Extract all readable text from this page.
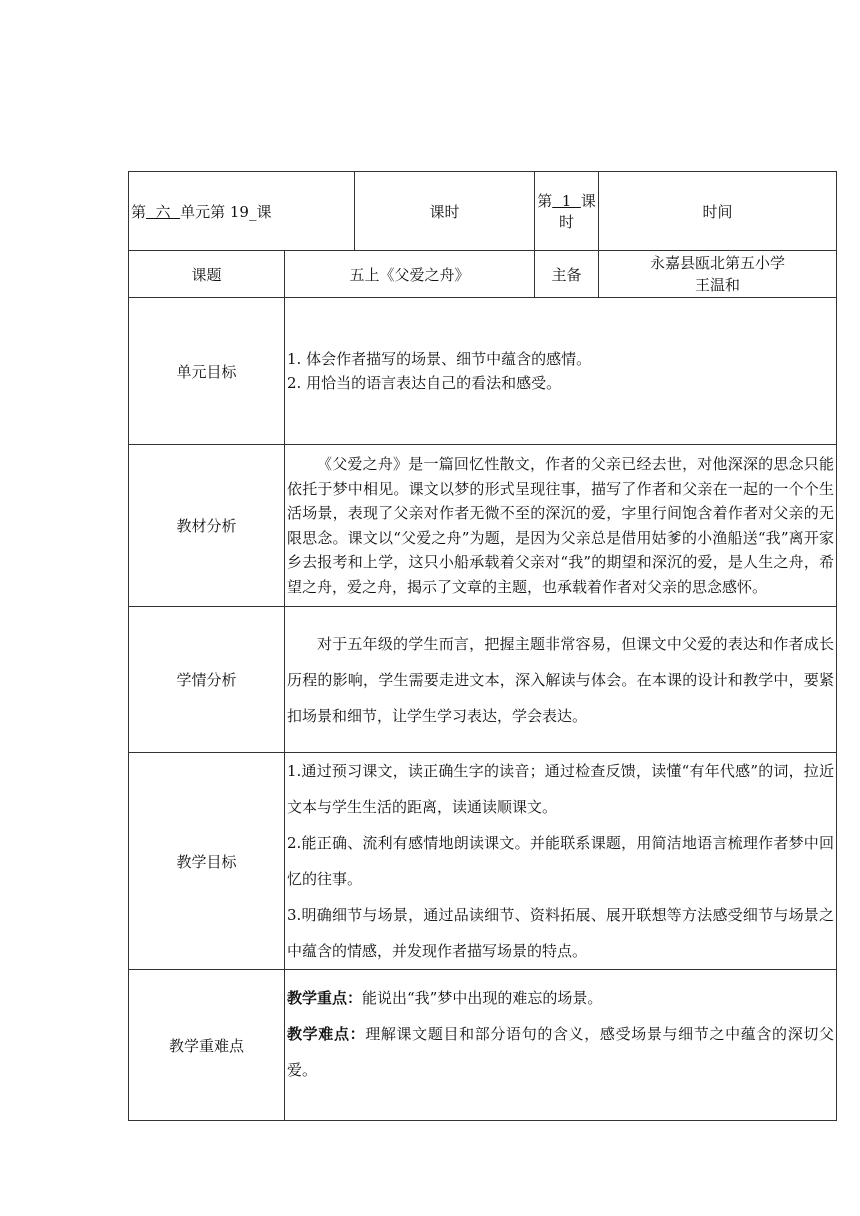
第  六  单元第 19_课		课时	第  1  课时	时间	
课题	五上《父爱之舟》		主备	永嘉县瓯北第五小学

王温和	

单元目标	1. 体会作者描写的场景、细节中蕴含的感情。

2. 用恰当的语言表达自己的看法和感受。				

教材分析	《父爱之舟》是一篇回忆性散文，作者的父亲已经去世，对他深深的思念只能依托于梦中相见。课文以梦的形式呈现往事，描写了作者和父亲在一起的一个个生活场景，表现了父亲对作者无微不至的深沉的爱，字里行间饱含着作者对父亲的无限思念。课文以“父爱之舟”为题，是因为父亲总是借用姑爹的小渔船送“我”离开家乡去报考和上学，这只小船承载着父亲对“我”的期望和深沉的爱，是人生之舟，希望之舟，爱之舟，揭示了文章的主题，也承载着作者对父亲的思念感怀。				
学情分析	对于五年级的学生而言，把握主题非常容易，但课文中父爱的表达和作者成长历程的影响，学生需要走进文本，深入解读与体会。在本课的设计和教学中，要紧扣场景和细节，让学生学习表达，学会表达。				
教学目标	1.通过预习课文，读正确生字的读音；通过检查反馈，读懂“有年代感”的词，拉近文本与学生生活的距离，读通读顺课文。

2.能正确、流利有感情地朗读课文。并能联系课题，用简洁地语言梳理作者梦中回忆的往事。

3.明确细节与场景，通过品读细节、资料拓展、展开联想等方法感受细节与场景之中蕴含的情感，并发现作者描写场景的特点。				

教学重难点	教学重点：能说出“我”梦中出现的难忘的场景。

教学难点：理解课文题目和部分语句的含义，感受场景与细节之中蕴含的深切父爱。				
